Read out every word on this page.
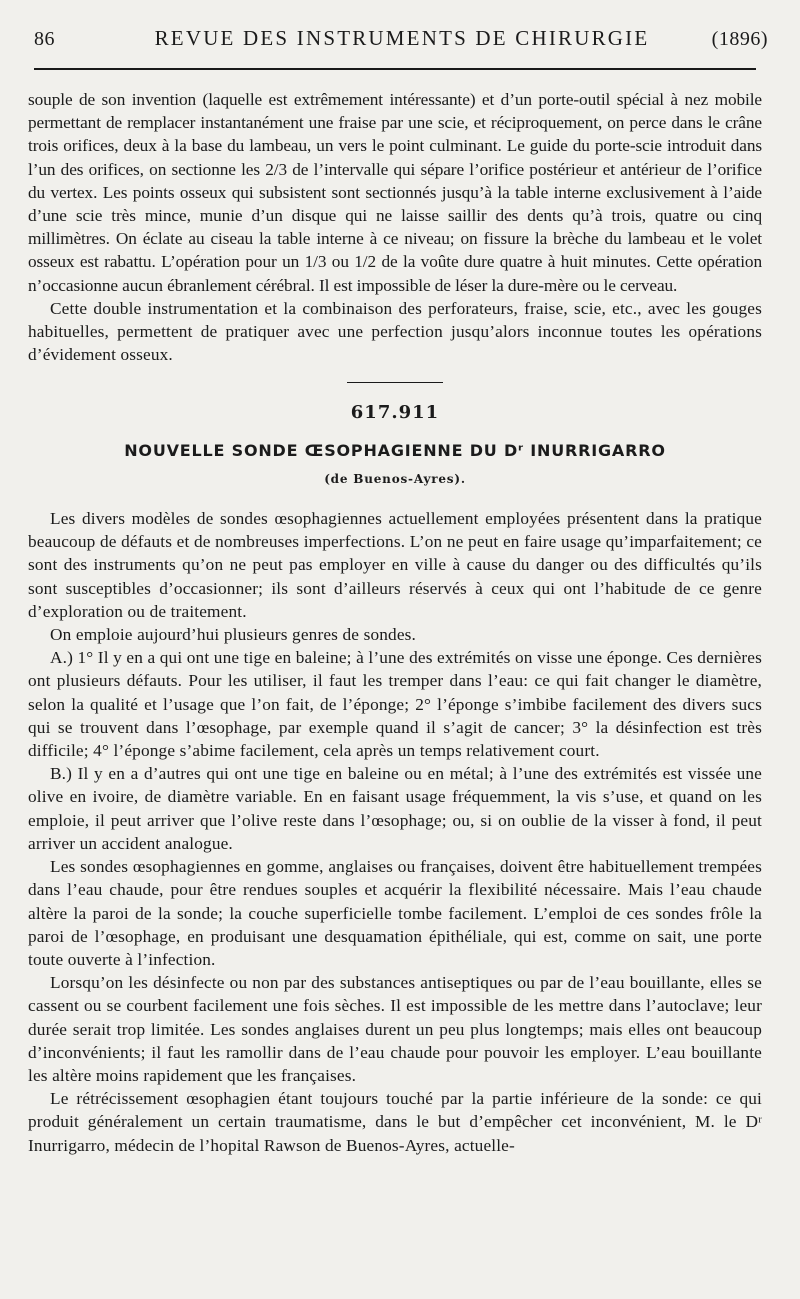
86	REVUE DES INSTRUMENTS DE CHIRURGIE	(1896)

souple de son invention (laquelle est extrêmement intéressante) et d’un porte-outil spécial à nez mobile permettant de remplacer instantanément une fraise par une scie, et réciproquement, on perce dans le crâne trois orifices, deux à la base du lambeau, un vers le point culminant. Le guide du porte-scie introduit dans l’un des orifices, on sectionne les 2/3 de l’intervalle qui sépare l’orifice postérieur et antérieur de l’orifice du vertex. Les points osseux qui subsistent sont sectionnés jusqu’à la table interne exclusivement à l’aide d’une scie très mince, munie d’un disque qui ne laisse saillir des dents qu’à trois, quatre ou cinq millimètres. On éclate au ciseau la table interne à ce niveau; on fissure la brèche du lambeau et le volet osseux est rabattu. L’opération pour un 1/3 ou 1/2 de la voûte dure quatre à huit minutes. Cette opération n’occasionne aucun ébranlement cérébral. Il est impossible de léser la dure-mère ou le cerveau.

Cette double instrumentation et la combinaison des perforateurs, fraise, scie, etc., avec les gouges habituelles, permettent de pratiquer avec une perfection jusqu’alors inconnue toutes les opérations d’évidement osseux.

617.911
NOUVELLE SONDE ŒSOPHAGIENNE DU Dʳ INURRIGARRO
(de Buenos-Ayres).

Les divers modèles de sondes œsophagiennes actuellement employées présentent dans la pratique beaucoup de défauts et de nombreuses imperfections. L’on ne peut en faire usage qu’imparfaitement; ce sont des instruments qu’on ne peut pas employer en ville à cause du danger ou des difficultés qu’ils sont susceptibles d’occasionner; ils sont d’ailleurs réservés à ceux qui ont l’habitude de ce genre d’exploration ou de traitement.

On emploie aujourd’hui plusieurs genres de sondes.

A.) 1° Il y en a qui ont une tige en baleine; à l’une des extrémités on visse une éponge. Ces dernières ont plusieurs défauts. Pour les utiliser, il faut les tremper dans l’eau: ce qui fait changer le diamètre, selon la qualité et l’usage que l’on fait, de l’éponge; 2° l’éponge s’imbibe facilement des divers sucs qui se trouvent dans l’œsophage, par exemple quand il s’agit de cancer; 3° la désinfection est très difficile; 4° l’éponge s’abime facilement, cela après un temps relativement court.

B.) Il y en a d’autres qui ont une tige en baleine ou en métal; à l’une des extrémités est vissée une olive en ivoire, de diamètre variable. En en faisant usage fréquemment, la vis s’use, et quand on les emploie, il peut arriver que l’olive reste dans l’œsophage; ou, si on oublie de la visser à fond, il peut arriver un accident analogue.

Les sondes œsophagiennes en gomme, anglaises ou françaises, doivent être habituellement trempées dans l’eau chaude, pour être rendues souples et acquérir la flexibilité nécessaire. Mais l’eau chaude altère la paroi de la sonde; la couche superficielle tombe facilement. L’emploi de ces sondes frôle la paroi de l’œsophage, en produisant une desquamation épithéliale, qui est, comme on sait, une porte toute ouverte à l’infection.

Lorsqu’on les désinfecte ou non par des substances antiseptiques ou par de l’eau bouillante, elles se cassent ou se courbent facilement une fois sèches. Il est impossible de les mettre dans l’autoclave; leur durée serait trop limitée. Les sondes anglaises durent un peu plus longtemps; mais elles ont beaucoup d’inconvénients; il faut les ramollir dans de l’eau chaude pour pouvoir les employer. L’eau bouillante les altère moins rapidement que les françaises.

Le rétrécissement œsophagien étant toujours touché par la partie inférieure de la sonde: ce qui produit généralement un certain traumatisme, dans le but d’empêcher cet inconvénient, M. le Dʳ Inurrigarro, médecin de l’hopital Rawson de Buenos-Ayres, actuelle-
